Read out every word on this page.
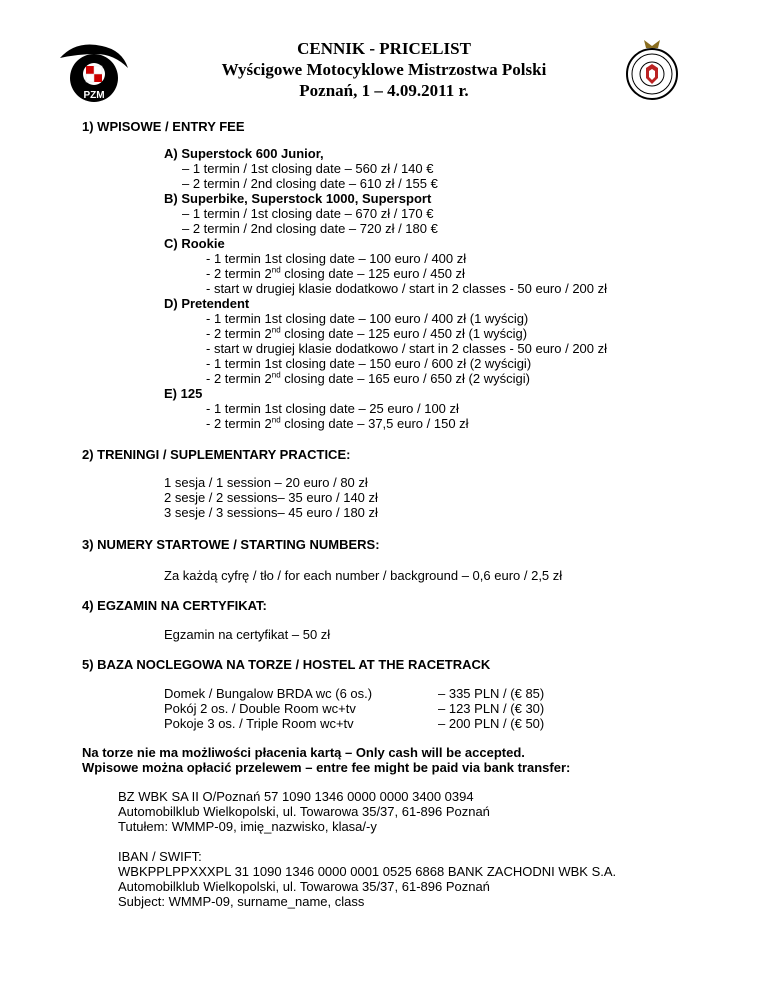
PZM
CENNIK - PRICELIST
Wyścigowe Motocyklowe Mistrzostwa Polski
Poznań, 1 – 4.09.2011 r.
1) WPISOWE / ENTRY FEE
A) Superstock 600 Junior,
– 1 termin / 1st closing date – 560 zł / 140 €
– 2 termin / 2nd closing date – 610 zł / 155 €
B) Superbike, Superstock 1000, Supersport
– 1 termin / 1st closing date – 670 zł / 170 €
– 2 termin / 2nd closing date – 720 zł / 180 €
C) Rookie
- 1 termin 1st closing date – 100 euro / 400 zł
- 2 termin 2nd closing date – 125 euro / 450 zł
- start w drugiej klasie dodatkowo / start in 2 classes - 50 euro / 200 zł
D) Pretendent
- 1 termin 1st closing date – 100 euro / 400 zł (1 wyścig)
- 2 termin 2nd closing date – 125 euro / 450 zł (1 wyścig)
- start w drugiej klasie dodatkowo / start in 2 classes - 50 euro / 200 zł
- 1 termin 1st closing date – 150 euro / 600 zł (2 wyścigi)
- 2 termin 2nd closing date – 165 euro / 650 zł (2 wyścigi)
E) 125
- 1 termin 1st closing date – 25 euro / 100 zł
- 2 termin 2nd closing date – 37,5 euro / 150 zł
2) TRENINGI / SUPLEMENTARY PRACTICE:
1 sesja / 1 session – 20 euro / 80 zł
2 sesje / 2 sessions– 35 euro / 140 zł
3 sesje / 3 sessions– 45 euro / 180 zł
3) NUMERY STARTOWE / STARTING NUMBERS:
Za każdą cyfrę / tło / for each number / background – 0,6 euro / 2,5 zł
4) EGZAMIN NA CERTYFIKAT:
Egzamin na certyfikat – 50 zł
5) BAZA NOCLEGOWA NA TORZE / HOSTEL AT THE RACETRACK
Domek / Bungalow BRDA wc (6 os.)	– 335 PLN / (€ 85)
Pokój 2 os. / Double Room wc+tv	– 123 PLN / (€ 30)
Pokoje 3 os. / Triple Room wc+tv	– 200 PLN / (€ 50)
Na torze nie ma możliwości płacenia kartą – Only cash will be accepted.
Wpisowe można opłacić przelewem – entre fee might be paid via bank transfer:
BZ WBK SA II O/Poznań 57 1090 1346 0000 0000 3400 0394
Automobilklub Wielkopolski, ul. Towarowa 35/37, 61-896 Poznań
Tutułem: WMMP-09, imię_nazwisko, klasa/-y
IBAN / SWIFT:
WBKPPLPPXXXPL 31 1090 1346 0000 0001 0525 6868 BANK ZACHODNI WBK S.A.
Automobilklub Wielkopolski, ul. Towarowa 35/37, 61-896 Poznań
Subject: WMMP-09, surname_name, class
